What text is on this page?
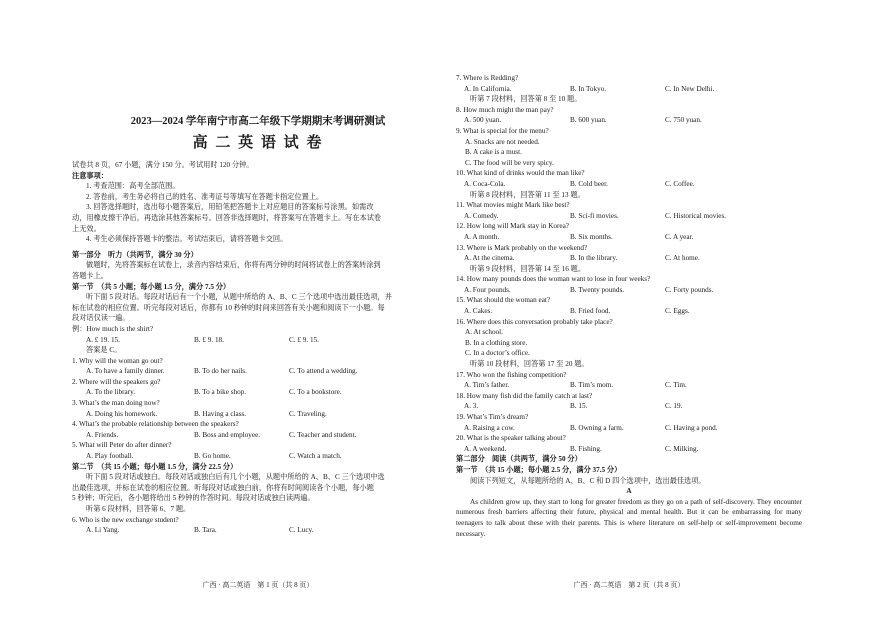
2023—2024 学年南宁市高二年级下学期期末考调研测试
高 二 英 语 试 卷
试卷共 8 页，67 小题，满分 150 分。考试用时 120 分钟。
注意事项：
1. 考查范围：高考全部范围。
2. 答卷前，考生务必将自己的姓名、准考证号等填写在答题卡指定位置上。
3. 回答选择题时，选出每小题答案后，用铅笔把答题卡上对应题目的答案标号涂黑。如需改
动，用橡皮擦干净后，再选涂其他答案标号。回答非选择题时，将答案写在答题卡上。写在本试卷
上无效。
4. 考生必须保持答题卡的整洁。考试结束后，请将答题卡交回。
第一部分　听力（共两节，满分 30 分）
做题时，先将答案标在试卷上，录音内容结束后，你将有两分钟的时间将试卷上的答案转涂到
答题卡上。
第一节　（共 5 小题；每小题 1.5 分，满分 7.5 分）
听下面 5 段对话。每段对话后有一个小题，从题中所给的 A、B、C 三个选项中选出最佳选项，并
标在试卷的相应位置。听完每段对话后，你都有 10 秒钟的时间来回答有关小题和阅读下一小题。每
段对话仅读一遍。
例：How much is the shirt?
A. £ 19. 15.	B. £ 9. 18.	C. £ 9. 15.
答案是 C。
1. Why will the woman go out?
A. To have a family dinner.	B. To do her nails.	C. To attend a wedding.
2. Where will the speakers go?
A. To the library.	B. To a bike shop.	C. To a bookstore.
3. What’s the man doing now?
A. Doing his homework.	B. Having a class.	C. Traveling.
4. What’s the probable relationship between the speakers?
A. Friends.	B. Boss and employee.	C. Teacher and student.
5. What will Peter do after dinner?
A. Play football.	B. Go home.	C. Watch a match.
第二节　（共 15 小题；每小题 1.5 分，满分 22.5 分）
听下面 5 段对话或独白。每段对话或独白后有几个小题，从题中所给的 A、B、C 三个选项中选
出最佳选项，并标在试卷的相应位置。听每段对话或独白前，你将有时间阅读各个小题，每小题
5 秒钟；听完后，各小题将给出 5 秒钟的作答时间。每段对话或独白读两遍。
听第 6 段材料，回答第 6、7 题。
6. Who is the new exchange student?
A. Li Yang.	B. Tara.	C. Lucy.
广西 · 高二英语　第 1 页（共 8 页）
7. Where is Redding?
A. In California.	B. In Tokyo.	C. In New Delhi.
听第 7 段材料，回答第 8 至 10 题。
8. How much might the man pay?
A. 500 yuan.	B. 600 yuan.	C. 750 yuan.
9. What is special for the menu?
A. Snacks are not needed.
B. A cake is a must.
C. The food will be very spicy.
10. What kind of drinks would the man like?
A. Coca-Cola.	B. Cold beer.	C. Coffee.
听第 8 段材料，回答第 11 至 13 题。
11. What movies might Mark like best?
A. Comedy.	B. Sci-fi movies.	C. Historical movies.
12. How long will Mark stay in Korea?
A. A month.	B. Six months.	C. A year.
13. Where is Mark probably on the weekend?
A. At the cinema.	B. In the library.	C. At home.
听第 9 段材料，回答第 14 至 16 题。
14. How many pounds does the woman want to lose in four weeks?
A. Four pounds.	B. Twenty pounds.	C. Forty pounds.
15. What should the woman eat?
A. Cakes.	B. Fried food.	C. Eggs.
16. Where does this conversation probably take place?
A. At school.
B. In a clothing store.
C. In a doctor’s office.
听第 10 段材料，回答第 17 至 20 题。
17. Who won the fishing competition?
A. Tim’s father.	B. Tim’s mom.	C. Tim.
18. How many fish did the family catch at last?
A. 3.	B. 15.	C. 19.
19. What’s Tim’s dream?
A. Raising a cow.	B. Owning a farm.	C. Having a pond.
20. What is the speaker talking about?
A. A weekend.	B. Fishing.	C. Milking.
第二部分　阅读（共两节，满分 50 分）
第一节　（共 15 小题；每小题 2.5 分，满分 37.5 分）
阅读下列短文，从每题所给的 A、B、C 和 D 四个选项中，选出最佳选项。
A
As children grow up, they start to long for greater freedom as they go on a path of self-discovery. They encounter numerous fresh barriers affecting their future, physical and mental health. But it can be embarrassing for many teenagers to talk about these with their parents. This is where literature on self-help or self-improvement become necessary.
广西 · 高二英语　第 2 页（共 8 页）
